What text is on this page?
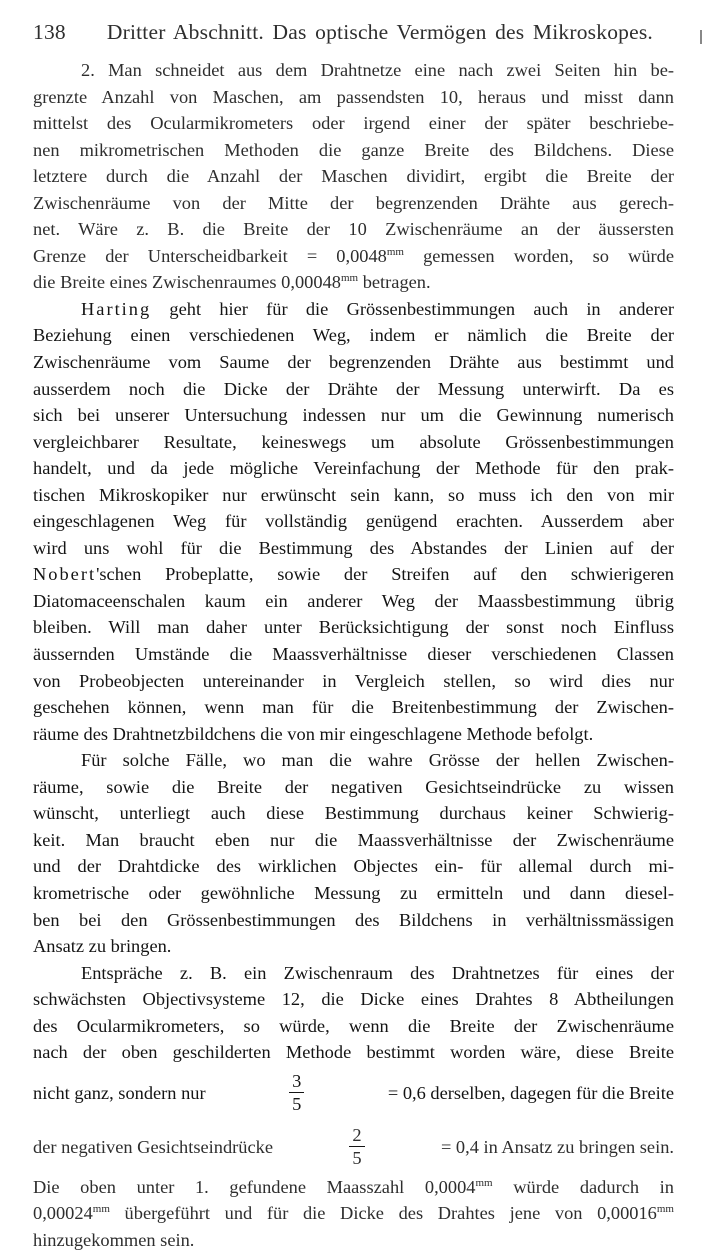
138	Dritter Abschnitt. Das optische Vermögen des Mikroskopes.
2. Man schneidet aus dem Drahtnetze eine nach zwei Seiten hin be-
grenzte Anzahl von Maschen, am passendsten 10, heraus und misst dann
mittelst des Ocularmikrometers oder irgend einer der später beschriebe-
nen mikrometrischen Methoden die ganze Breite des Bildchens. Diese
letztere durch die Anzahl der Maschen dividirt, ergibt die Breite der
Zwischenräume von der Mitte der begrenzenden Drähte aus gerech-
net. Wäre z. B. die Breite der 10 Zwischenräume an der äussersten
Grenze der Unterscheidbarkeit = $0,0048^{mm}$ gemessen worden, so würde
die Breite eines Zwischenraumes $0,00048^{mm}$ betragen.
Harting geht hier für die Grössenbestimmungen auch in anderer
Beziehung einen verschiedenen Weg, indem er nämlich die Breite der
Zwischenräume vom Saume der begrenzenden Drähte aus bestimmt und
ausserdem noch die Dicke der Drähte der Messung unterwirft. Da es
sich bei unserer Untersuchung indessen nur um die Gewinnung numerisch
vergleichbarer Resultate, keineswegs um absolute Grössenbestimmungen
handelt, und da jede mögliche Vereinfachung der Methode für den prak-
tischen Mikroskopiker nur erwünscht sein kann, so muss ich den von mir
eingeschlagenen Weg für vollständig genügend erachten. Ausserdem aber
wird uns wohl für die Bestimmung des Abstandes der Linien auf der
Nobert'schen Probeplatte, sowie der Streifen auf den schwierigeren
Diatomaceenschalen kaum ein anderer Weg der Maassbestimmung übrig
bleiben. Will man daher unter Berücksichtigung der sonst noch Einfluss
äussernden Umstände die Maassverhältnisse dieser verschiedenen Classen
von Probeobjecten untereinander in Vergleich stellen, so wird dies nur
geschehen können, wenn man für die Breitenbestimmung der Zwischen-
räume des Drahtnetzbildchens die von mir eingeschlagene Methode befolgt.
Für solche Fälle, wo man die wahre Grösse der hellen Zwischen-
räume, sowie die Breite der negativen Gesichtseindrücke zu wissen
wünscht, unterliegt auch diese Bestimmung durchaus keiner Schwierig-
keit. Man braucht eben nur die Maassverhältnisse der Zwischenräume
und der Drahtdicke des wirklichen Objectes ein- für allemal durch mi-
krometrische oder gewöhnliche Messung zu ermitteln und dann diesel-
ben bei den Grössenbestimmungen des Bildchens in verhältnissmässigen
Ansatz zu bringen.
Entspräche z. B. ein Zwischenraum des Drahtnetzes für eines der
schwächsten Objectivsysteme 12, die Dicke eines Drahtes 8 Abtheilungen
des Ocularmikrometers, so würde, wenn die Breite der Zwischenräume
nach der oben geschilderten Methode bestimmt worden wäre, diese Breite
nicht ganz, sondern nur	$\frac{3}{5}$	= 0,6 derselben, dagegen für die Breite
der negativen Gesichtseindrücke	$\frac{2}{5}$	= 0,4 in Ansatz zu bringen sein.
Die oben unter 1. gefundene Maasszahl $0,0004^{mm}$ würde dadurch in
$0,00024^{mm}$ übergeführt und für die Dicke des Drahtes jene von $0,00016^{mm}$
hinzugekommen sein.
